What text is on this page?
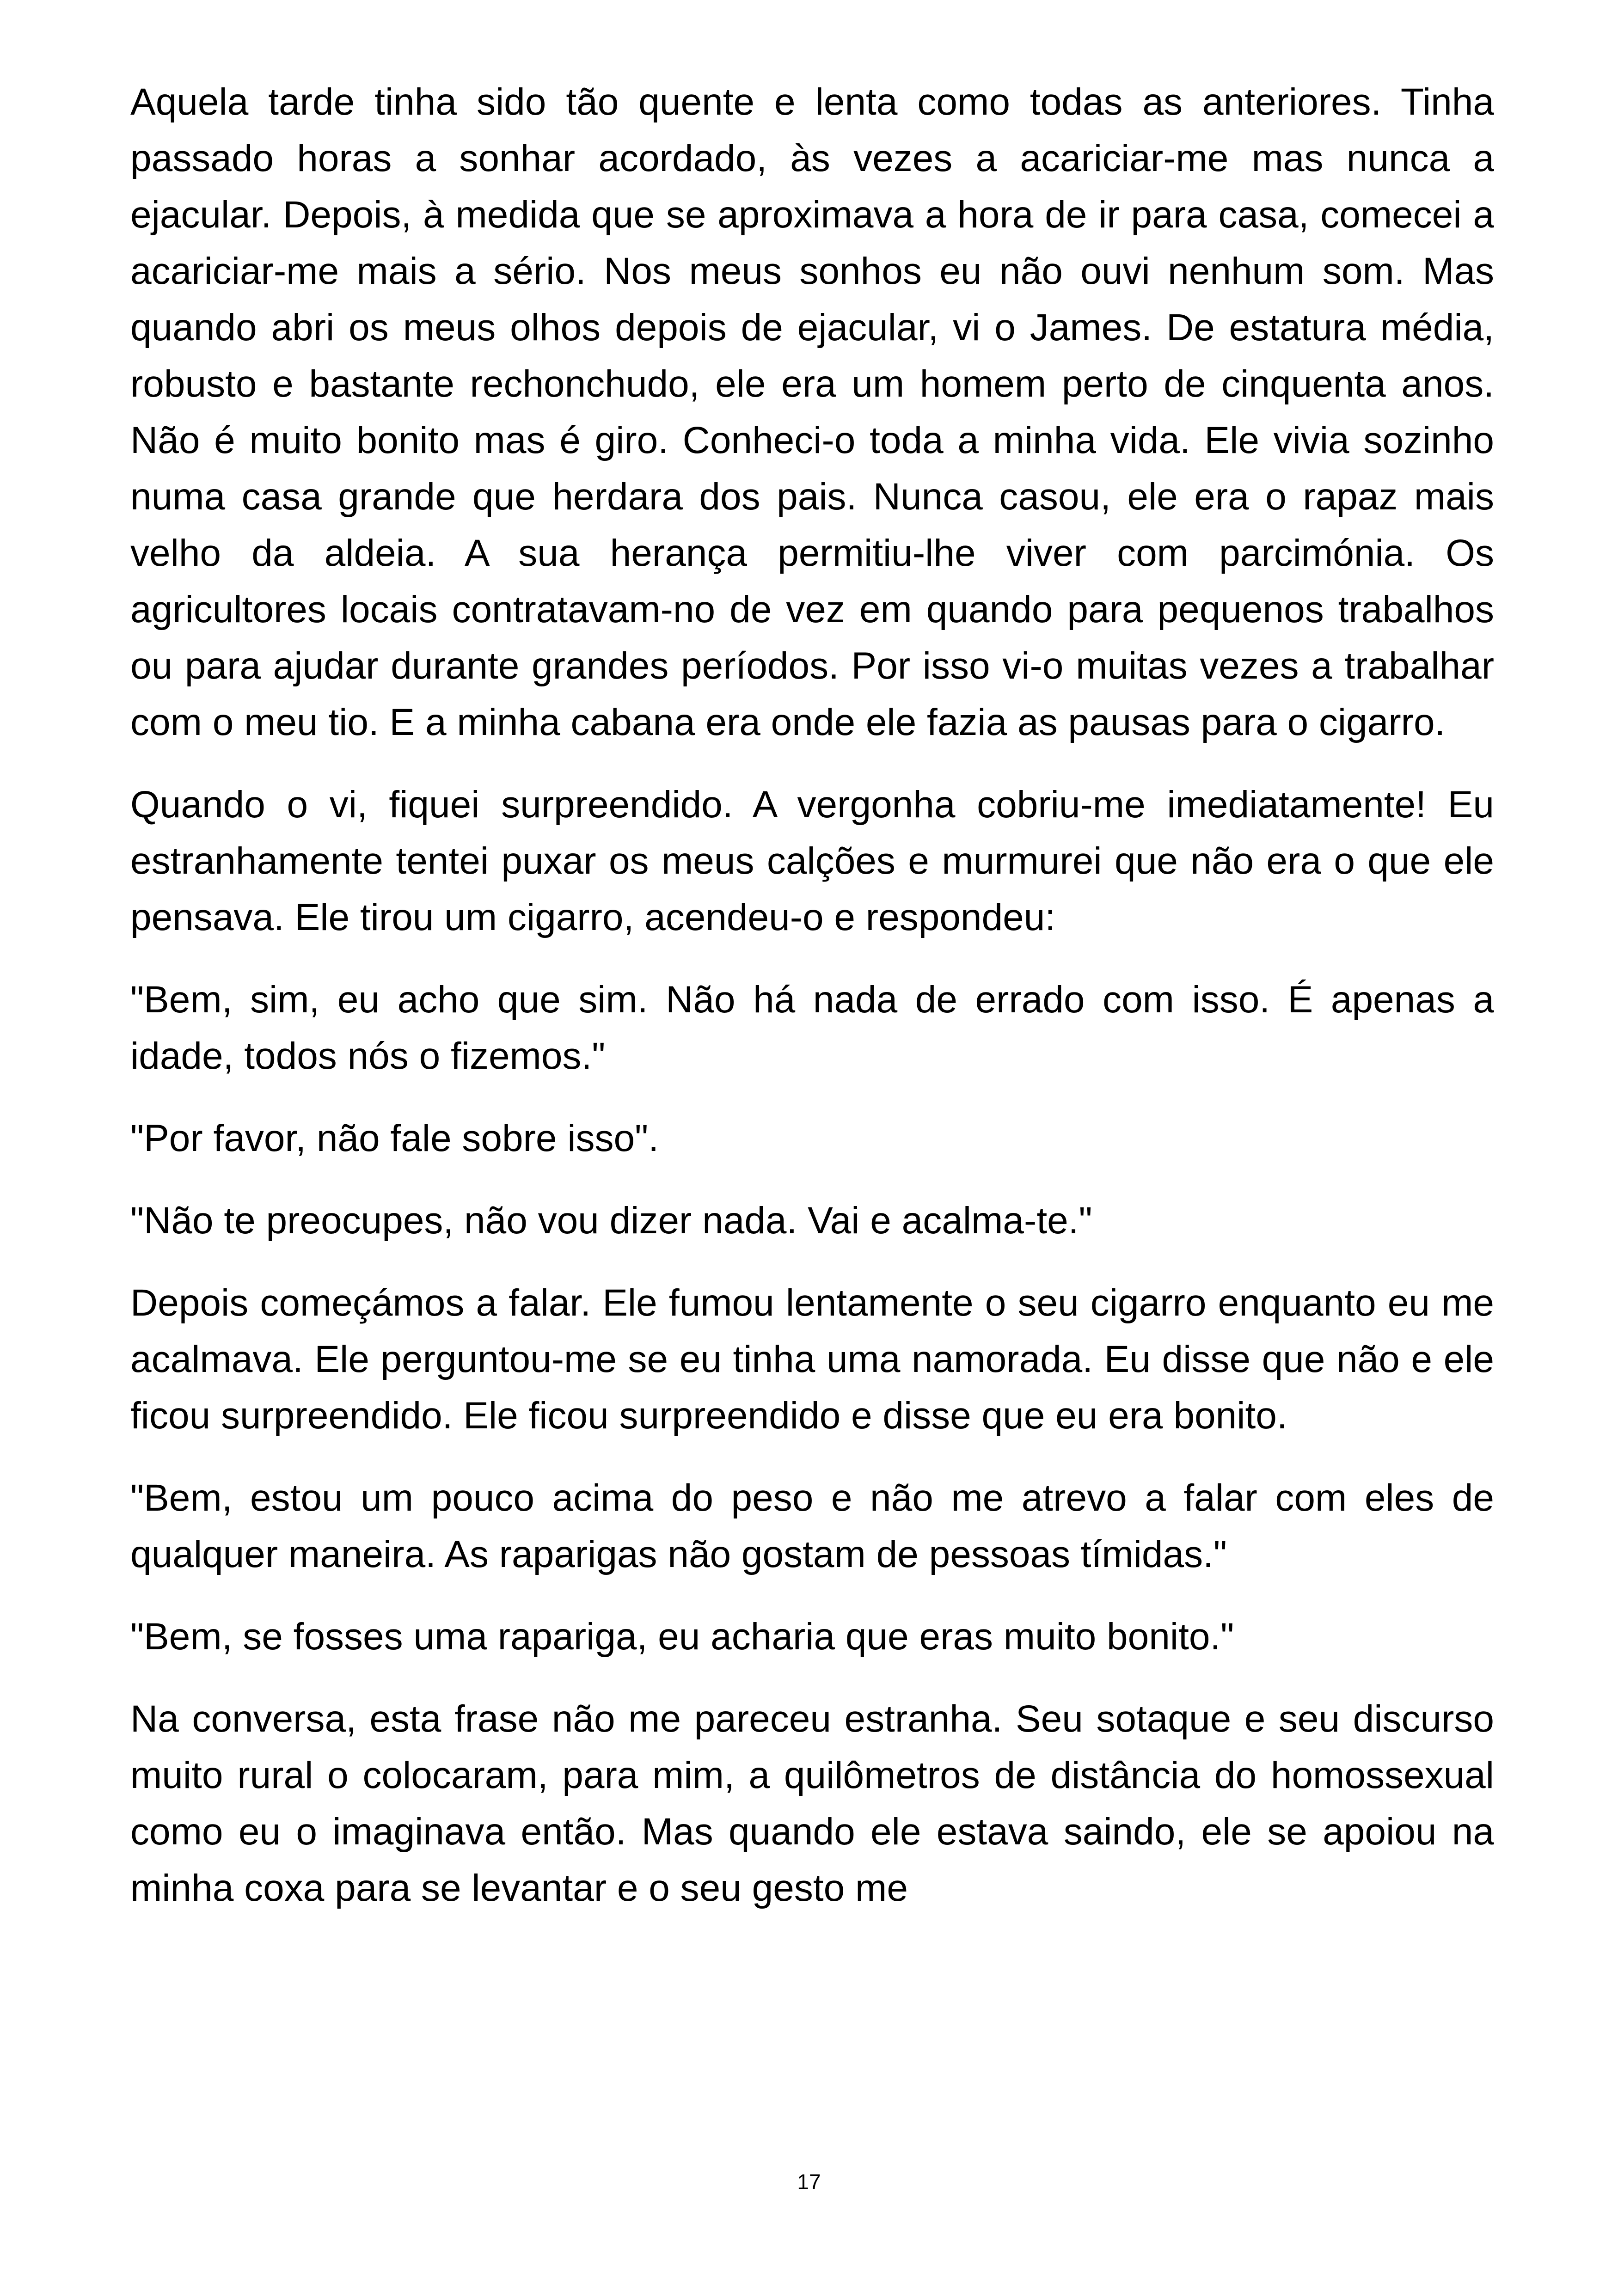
Aquela tarde tinha sido tão quente e lenta como todas as anteriores. Tinha passado horas a sonhar acordado, às vezes a acariciar-me mas nunca a ejacular. Depois, à medida que se aproximava a hora de ir para casa, comecei a acariciar-me mais a sério. Nos meus sonhos eu não ouvi nenhum som. Mas quando abri os meus olhos depois de ejacular, vi o James. De estatura média, robusto e bastante rechonchudo, ele era um homem perto de cinquenta anos. Não é muito bonito mas é giro. Conheci-o toda a minha vida. Ele vivia sozinho numa casa grande que herdara dos pais. Nunca casou, ele era o rapaz mais velho da aldeia. A sua herança permitiu-lhe viver com parcimónia. Os agricultores locais contratavam-no de vez em quando para pequenos trabalhos ou para ajudar durante grandes períodos. Por isso vi-o muitas vezes a trabalhar com o meu tio. E a minha cabana era onde ele fazia as pausas para o cigarro.

Quando o vi, fiquei surpreendido. A vergonha cobriu-me imediatamente! Eu estranhamente tentei puxar os meus calções e murmurei que não era o que ele pensava. Ele tirou um cigarro, acendeu-o e respondeu:

"Bem, sim, eu acho que sim. Não há nada de errado com isso. É apenas a idade, todos nós o fizemos."

"Por favor, não fale sobre isso".

"Não te preocupes, não vou dizer nada. Vai e acalma-te."

Depois começámos a falar. Ele fumou lentamente o seu cigarro enquanto eu me acalmava. Ele perguntou-me se eu tinha uma namorada. Eu disse que não e ele ficou surpreendido. Ele ficou surpreendido e disse que eu era bonito.

"Bem, estou um pouco acima do peso e não me atrevo a falar com eles de qualquer maneira. As raparigas não gostam de pessoas tímidas."

"Bem, se fosses uma rapariga, eu acharia que eras muito bonito."

Na conversa, esta frase não me pareceu estranha. Seu sotaque e seu discurso muito rural o colocaram, para mim, a quilômetros de distância do homossexual como eu o imaginava então. Mas quando ele estava saindo, ele se apoiou na minha coxa para se levantar e o seu gesto me

17
